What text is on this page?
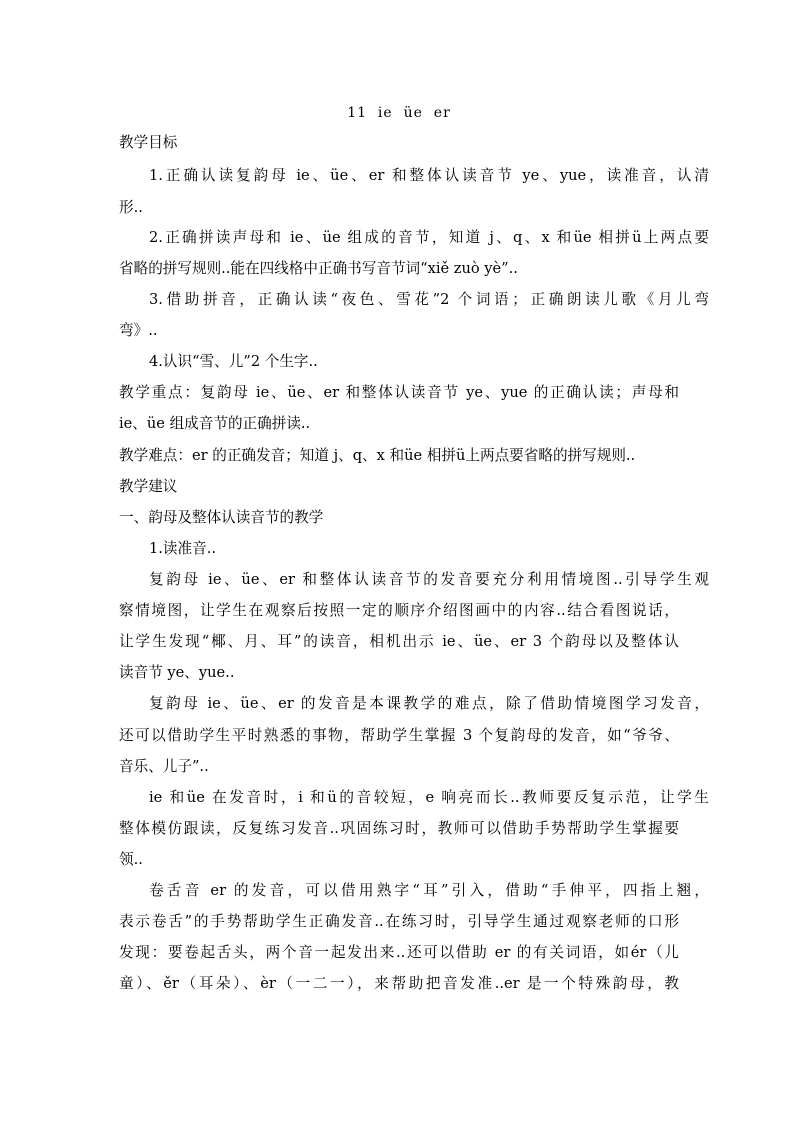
11  ie  üe  er
教学目标
1.正确认读复韵母 ie、üe、er 和整体认读音节 ye、yue，读准音，认清
形..
2.正确拼读声母和 ie、üe 组成的音节，知道 j、q、x 和üe 相拼ü上两点要
省略的拼写规则..能在四线格中正确书写音节词“xiě zuò yè”..
3.借助拼音，正确认读“夜色、雪花”2 个词语；正确朗读儿歌《月儿弯
弯》..
4.认识“雪、儿”2 个生字..
教学重点：复韵母 ie、üe、er 和整体认读音节 ye、yue 的正确认读；声母和
ie、üe 组成音节的正确拼读..
教学难点：er 的正确发音；知道 j、q、x 和üe 相拼ü上两点要省略的拼写规则..
教学建议
一、韵母及整体认读音节的教学
1.读准音..
复韵母 ie、üe、er 和整体认读音节的发音要充分利用情境图..引导学生观
察情境图，让学生在观察后按照一定的顺序介绍图画中的内容..结合看图说话，
让学生发现“椰、月、耳”的读音，相机出示 ie、üe、er 3 个韵母以及整体认
读音节 ye、yue..
复韵母 ie、üe、er 的发音是本课教学的难点，除了借助情境图学习发音，
还可以借助学生平时熟悉的事物，帮助学生掌握 3 个复韵母的发音，如“爷爷、
音乐、儿子”..
ie 和üe 在发音时，i 和ü的音较短，e 响亮而长..教师要反复示范，让学生
整体模仿跟读，反复练习发音..巩固练习时，教师可以借助手势帮助学生掌握要
领..
卷舌音 er 的发音，可以借用熟字“耳”引入，借助“手伸平，四指上翘，
表示卷舌”的手势帮助学生正确发音..在练习时，引导学生通过观察老师的口形
发现：要卷起舌头，两个音一起发出来..还可以借助 er 的有关词语，如ér（儿
童）、ěr（耳朵）、èr（一二一），来帮助把音发准..er 是一个特殊韵母，教
